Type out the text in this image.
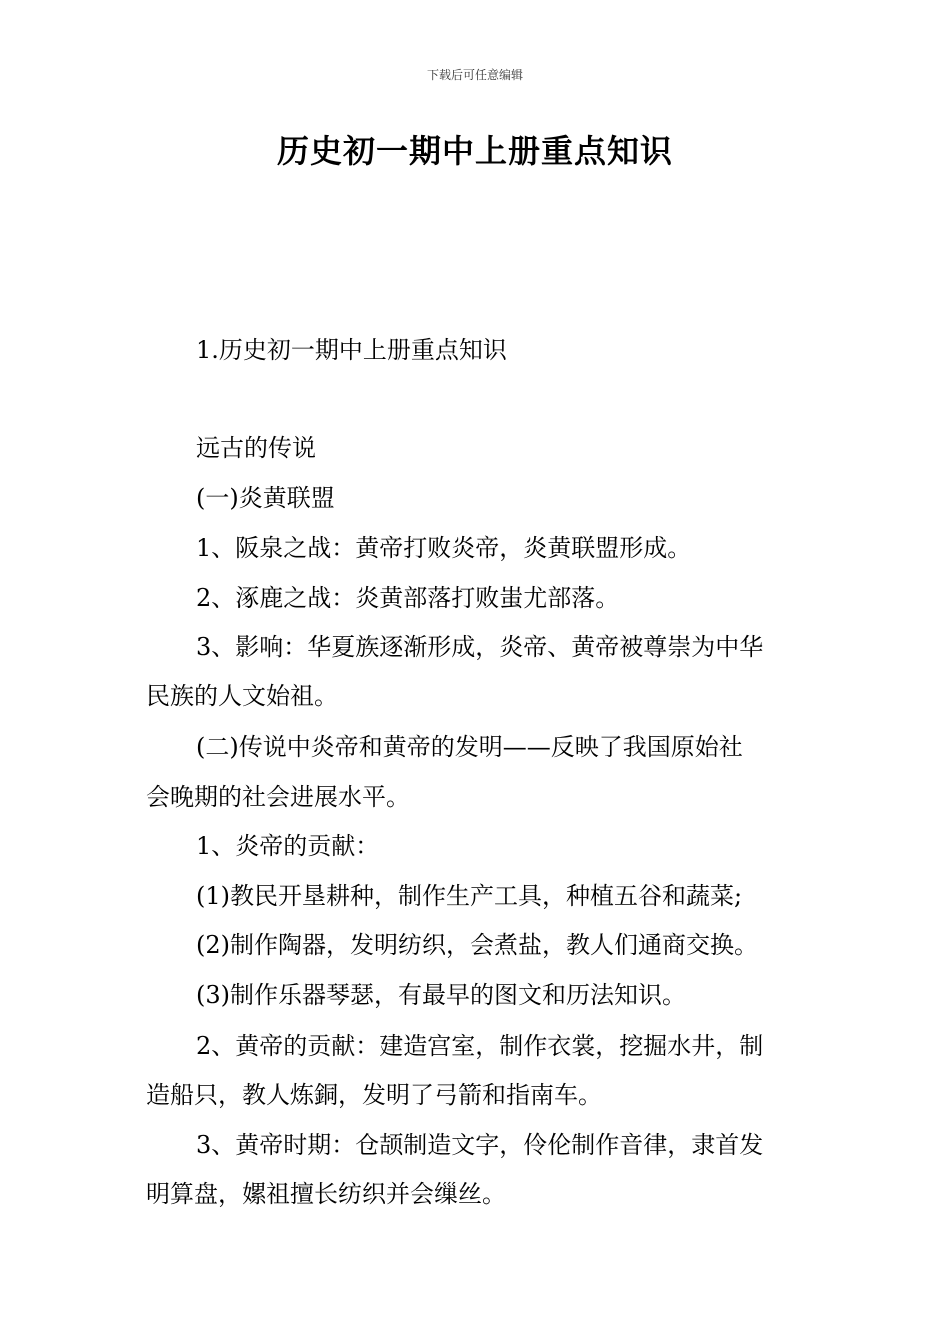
下载后可任意编辑
历史初一期中上册重点知识
1.历史初一期中上册重点知识
远古的传说
(一)炎黄联盟
1、阪泉之战：黄帝打败炎帝，炎黄联盟形成。
2、涿鹿之战：炎黄部落打败蚩尤部落。
3、影响：华夏族逐渐形成，炎帝、黄帝被尊崇为中华
民族的人文始祖。
(二)传说中炎帝和黄帝的发明——反映了我国原始社
会晚期的社会进展水平。
1、炎帝的贡献：
(1)教民开垦耕种，制作生产工具，种植五谷和蔬菜;
(2)制作陶器，发明纺织，会煮盐，教人们通商交换。
(3)制作乐器琴瑟，有最早的图文和历法知识。
2、黄帝的贡献：建造宫室，制作衣裳，挖掘水井，制
造船只，教人炼銅，发明了弓箭和指南车。
3、黄帝时期：仓颉制造文字，伶伦制作音律，隶首发
明算盘，嫘祖擅长纺织并会缫丝。
